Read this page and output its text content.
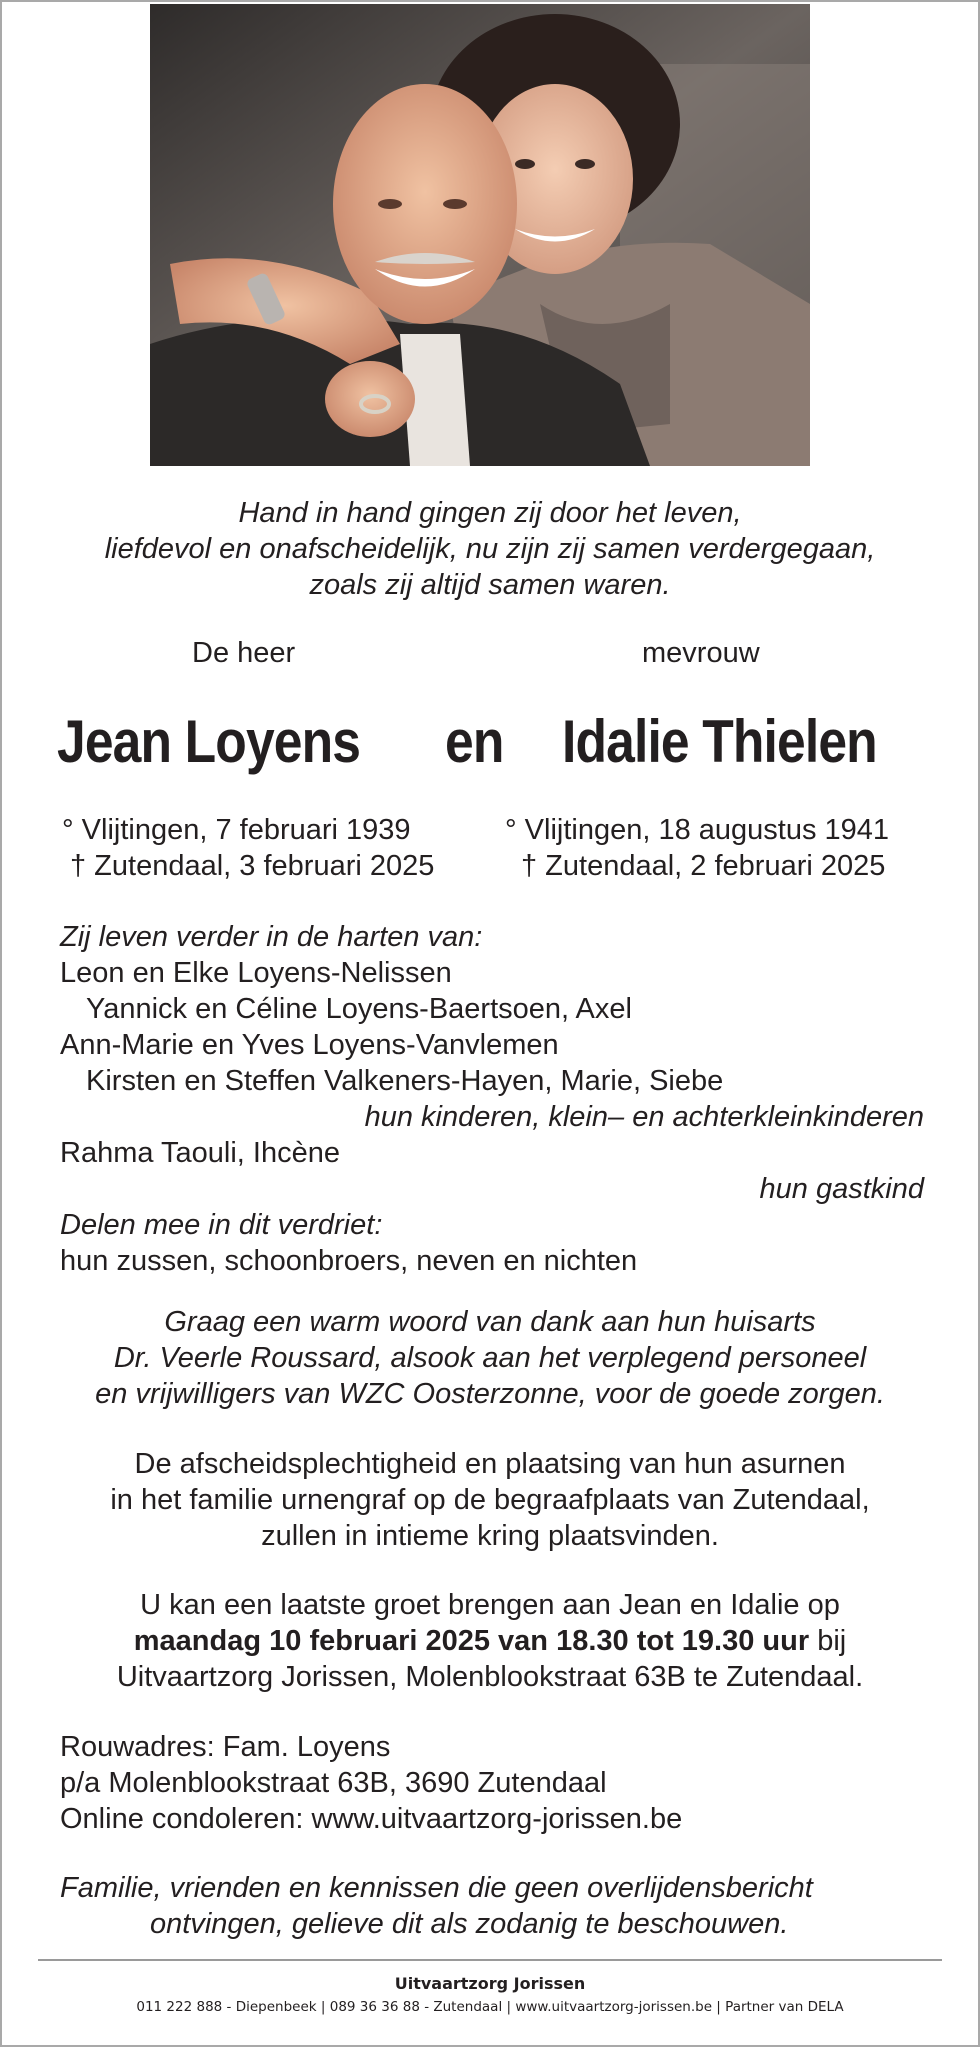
Hand in hand gingen zij door het leven,
liefdevol en onafscheidelijk, nu zijn zij samen verdergegaan,
zoals zij altijd samen waren.
De heer	mevrouw
Jean Loyens en Idalie Thielen
° Vlijtingen, 7 februari 1939
† Zutendaal, 3 februari 2025
° Vlijtingen, 18 augustus 1941
† Zutendaal, 2 februari 2025
Zij leven verder in de harten van:
Leon en Elke Loyens-Nelissen
Yannick en Céline Loyens-Baertsoen, Axel
Ann-Marie en Yves Loyens-Vanvlemen
Kirsten en Steffen Valkeners-Hayen, Marie, Siebe
hun kinderen, klein– en achterkleinkinderen
Rahma Taouli, Ihcène
hun gastkind
Delen mee in dit verdriet:
hun zussen, schoonbroers, neven en nichten
Graag een warm woord van dank aan hun huisarts
Dr. Veerle Roussard, alsook aan het verplegend personeel
en vrijwilligers van WZC Oosterzonne, voor de goede zorgen.
De afscheidsplechtigheid en plaatsing van hun asurnen
in het familie urnengraf op de begraafplaats van Zutendaal,
zullen in intieme kring plaatsvinden.
U kan een laatste groet brengen aan Jean en Idalie op
maandag 10 februari 2025 van 18.30 tot 19.30 uur bij
Uitvaartzorg Jorissen, Molenblookstraat 63B te Zutendaal.
Rouwadres: Fam. Loyens
p/a Molenblookstraat 63B, 3690 Zutendaal
Online condoleren: www.uitvaartzorg-jorissen.be
Familie, vrienden en kennissen die geen overlijdensbericht
ontvingen, gelieve dit als zodanig te beschouwen.
Uitvaartzorg Jorissen
011 222 888 - Diepenbeek | 089 36 36 88 - Zutendaal | www.uitvaartzorg-jorissen.be | Partner van DELA
